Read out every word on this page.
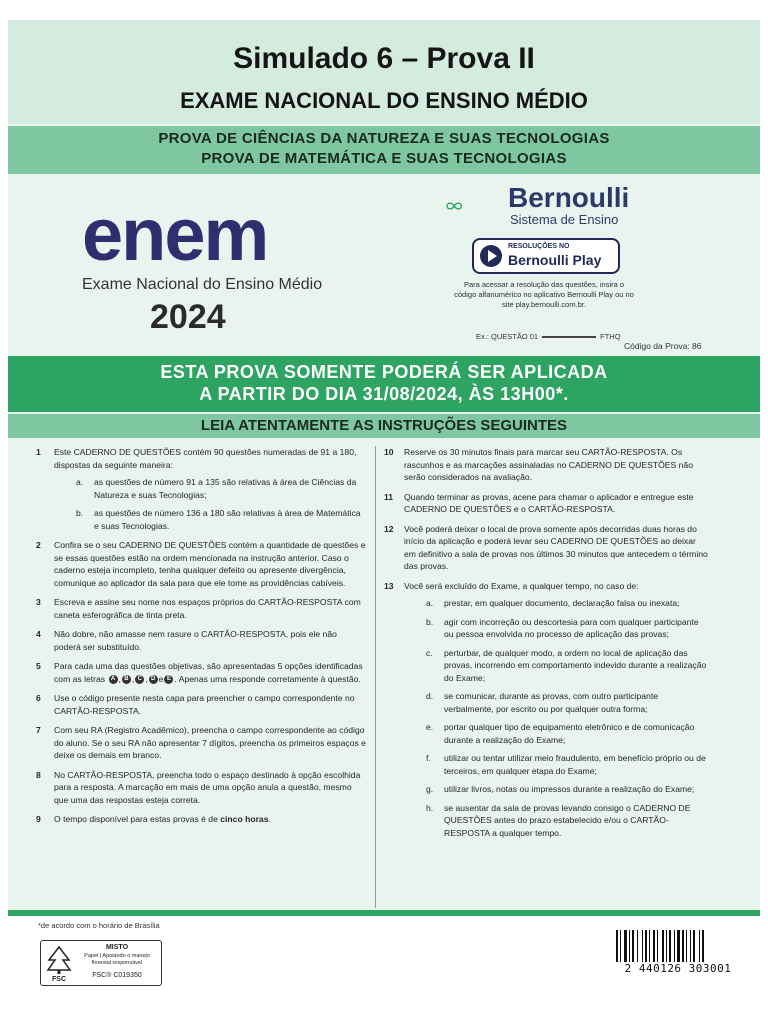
Simulado 6 – Prova II
EXAME NACIONAL DO ENSINO MÉDIO
PROVA DE CIÊNCIAS DA NATUREZA E SUAS TECNOLOGIAS
PROVA DE MATEMÁTICA E SUAS TECNOLOGIAS
enem
Exame Nacional do Ensino Médio
2024
Bernoulli
Sistema de Ensino
RESOLUÇÕES NO
Bernoulli Play
Para acessar a resolução das questões, insira o código alfanumérico no aplicativo Bernoulli Play ou no site play.bernoulli.com.br.
Ex.: QUESTÃO 01	FTHQ
Código da Prova: 86
ESTA PROVA SOMENTE PODERÁ SER APLICADA
A PARTIR DO DIA 31/08/2024, ÀS 13H00*.
LEIA ATENTAMENTE AS INSTRUÇÕES SEGUINTES
1 Este CADERNO DE QUESTÕES contém 90 questões numeradas de 91 a 180, dispostas da seguinte maneira:
a. as questões de número 91 a 135 são relativas à área de Ciências da Natureza e suas Tecnologias;
b. as questões de número 136 a 180 são relativas à área de Matemática e suas Tecnologias.
2 Confira se o seu CADERNO DE QUESTÕES contém a quantidade de questões e se essas questões estão na ordem mencionada na instrução anterior. Caso o caderno esteja incompleto, tenha qualquer defeito ou apresente divergência, comunique ao aplicador da sala para que ele tome as providências cabíveis.
3 Escreva e assine seu nome nos espaços próprios do CARTÃO-RESPOSTA com caneta esferográfica de tinta preta.
4 Não dobre, não amasse nem rasure o CARTÃO-RESPOSTA, pois ele não poderá ser substituído.
5 Para cada uma das questões objetivas, são apresentadas 5 opções identificadas com as letras A , B , C , D e E . Apenas uma responde corretamente à questão.
6 Use o código presente nesta capa para preencher o campo correspondente no CARTÃO-RESPOSTA.
7 Com seu RA (Registro Acadêmico), preencha o campo correspondente ao código do aluno. Se o seu RA não apresentar 7 dígitos, preencha os primeiros espaços e deixe os demais em branco.
8 No CARTÃO-RESPOSTA, preencha todo o espaço destinado à opção escolhida para a resposta. A marcação em mais de uma opção anula a questão, mesmo que uma das respostas esteja correta.
9 O tempo disponível para estas provas é de cinco horas.
10 Reserve os 30 minutos finais para marcar seu CARTÃO-RESPOSTA. Os rascunhos e as marcações assinaladas no CADERNO DE QUESTÕES não serão considerados na avaliação.
11 Quando terminar as provas, acene para chamar o aplicador e entregue este CADERNO DE QUESTÕES e o CARTÃO-RESPOSTA.
12 Você poderá deixar o local de prova somente após decorridas duas horas do início da aplicação e poderá levar seu CADERNO DE QUESTÕES ao deixar em definitivo a sala de provas nos últimos 30 minutos que antecedem o término das provas.
13 Você será excluído do Exame, a qualquer tempo, no caso de:
a. prestar, em qualquer documento, declaração falsa ou inexata;
b. agir com incorreção ou descortesia para com qualquer participante ou pessoa envolvida no processo de aplicação das provas;
c. perturbar, de qualquer modo, a ordem no local de aplicação das provas, incorrendo em comportamento indevido durante a realização do Exame;
d. se comunicar, durante as provas, com outro participante verbalmente, por escrito ou por qualquer outra forma;
e. portar qualquer tipo de equipamento eletrônico e de comunicação durante a realização do Exame;
f. utilizar ou tentar utilizar meio fraudulento, em benefício próprio ou de terceiros, em qualquer etapa do Exame;
g. utilizar livros, notas ou impressos durante a realização do Exame;
h. se ausentar da sala de provas levando consigo o CADERNO DE QUESTÕES antes do prazo estabelecido e/ou o CARTÃO-RESPOSTA a qualquer tempo.
*de acordo com o horário de Brasília
FSC
MISTO
Papel | Apoiando o manejo florestal responsável
FSC® C019350
2 440126 303001
